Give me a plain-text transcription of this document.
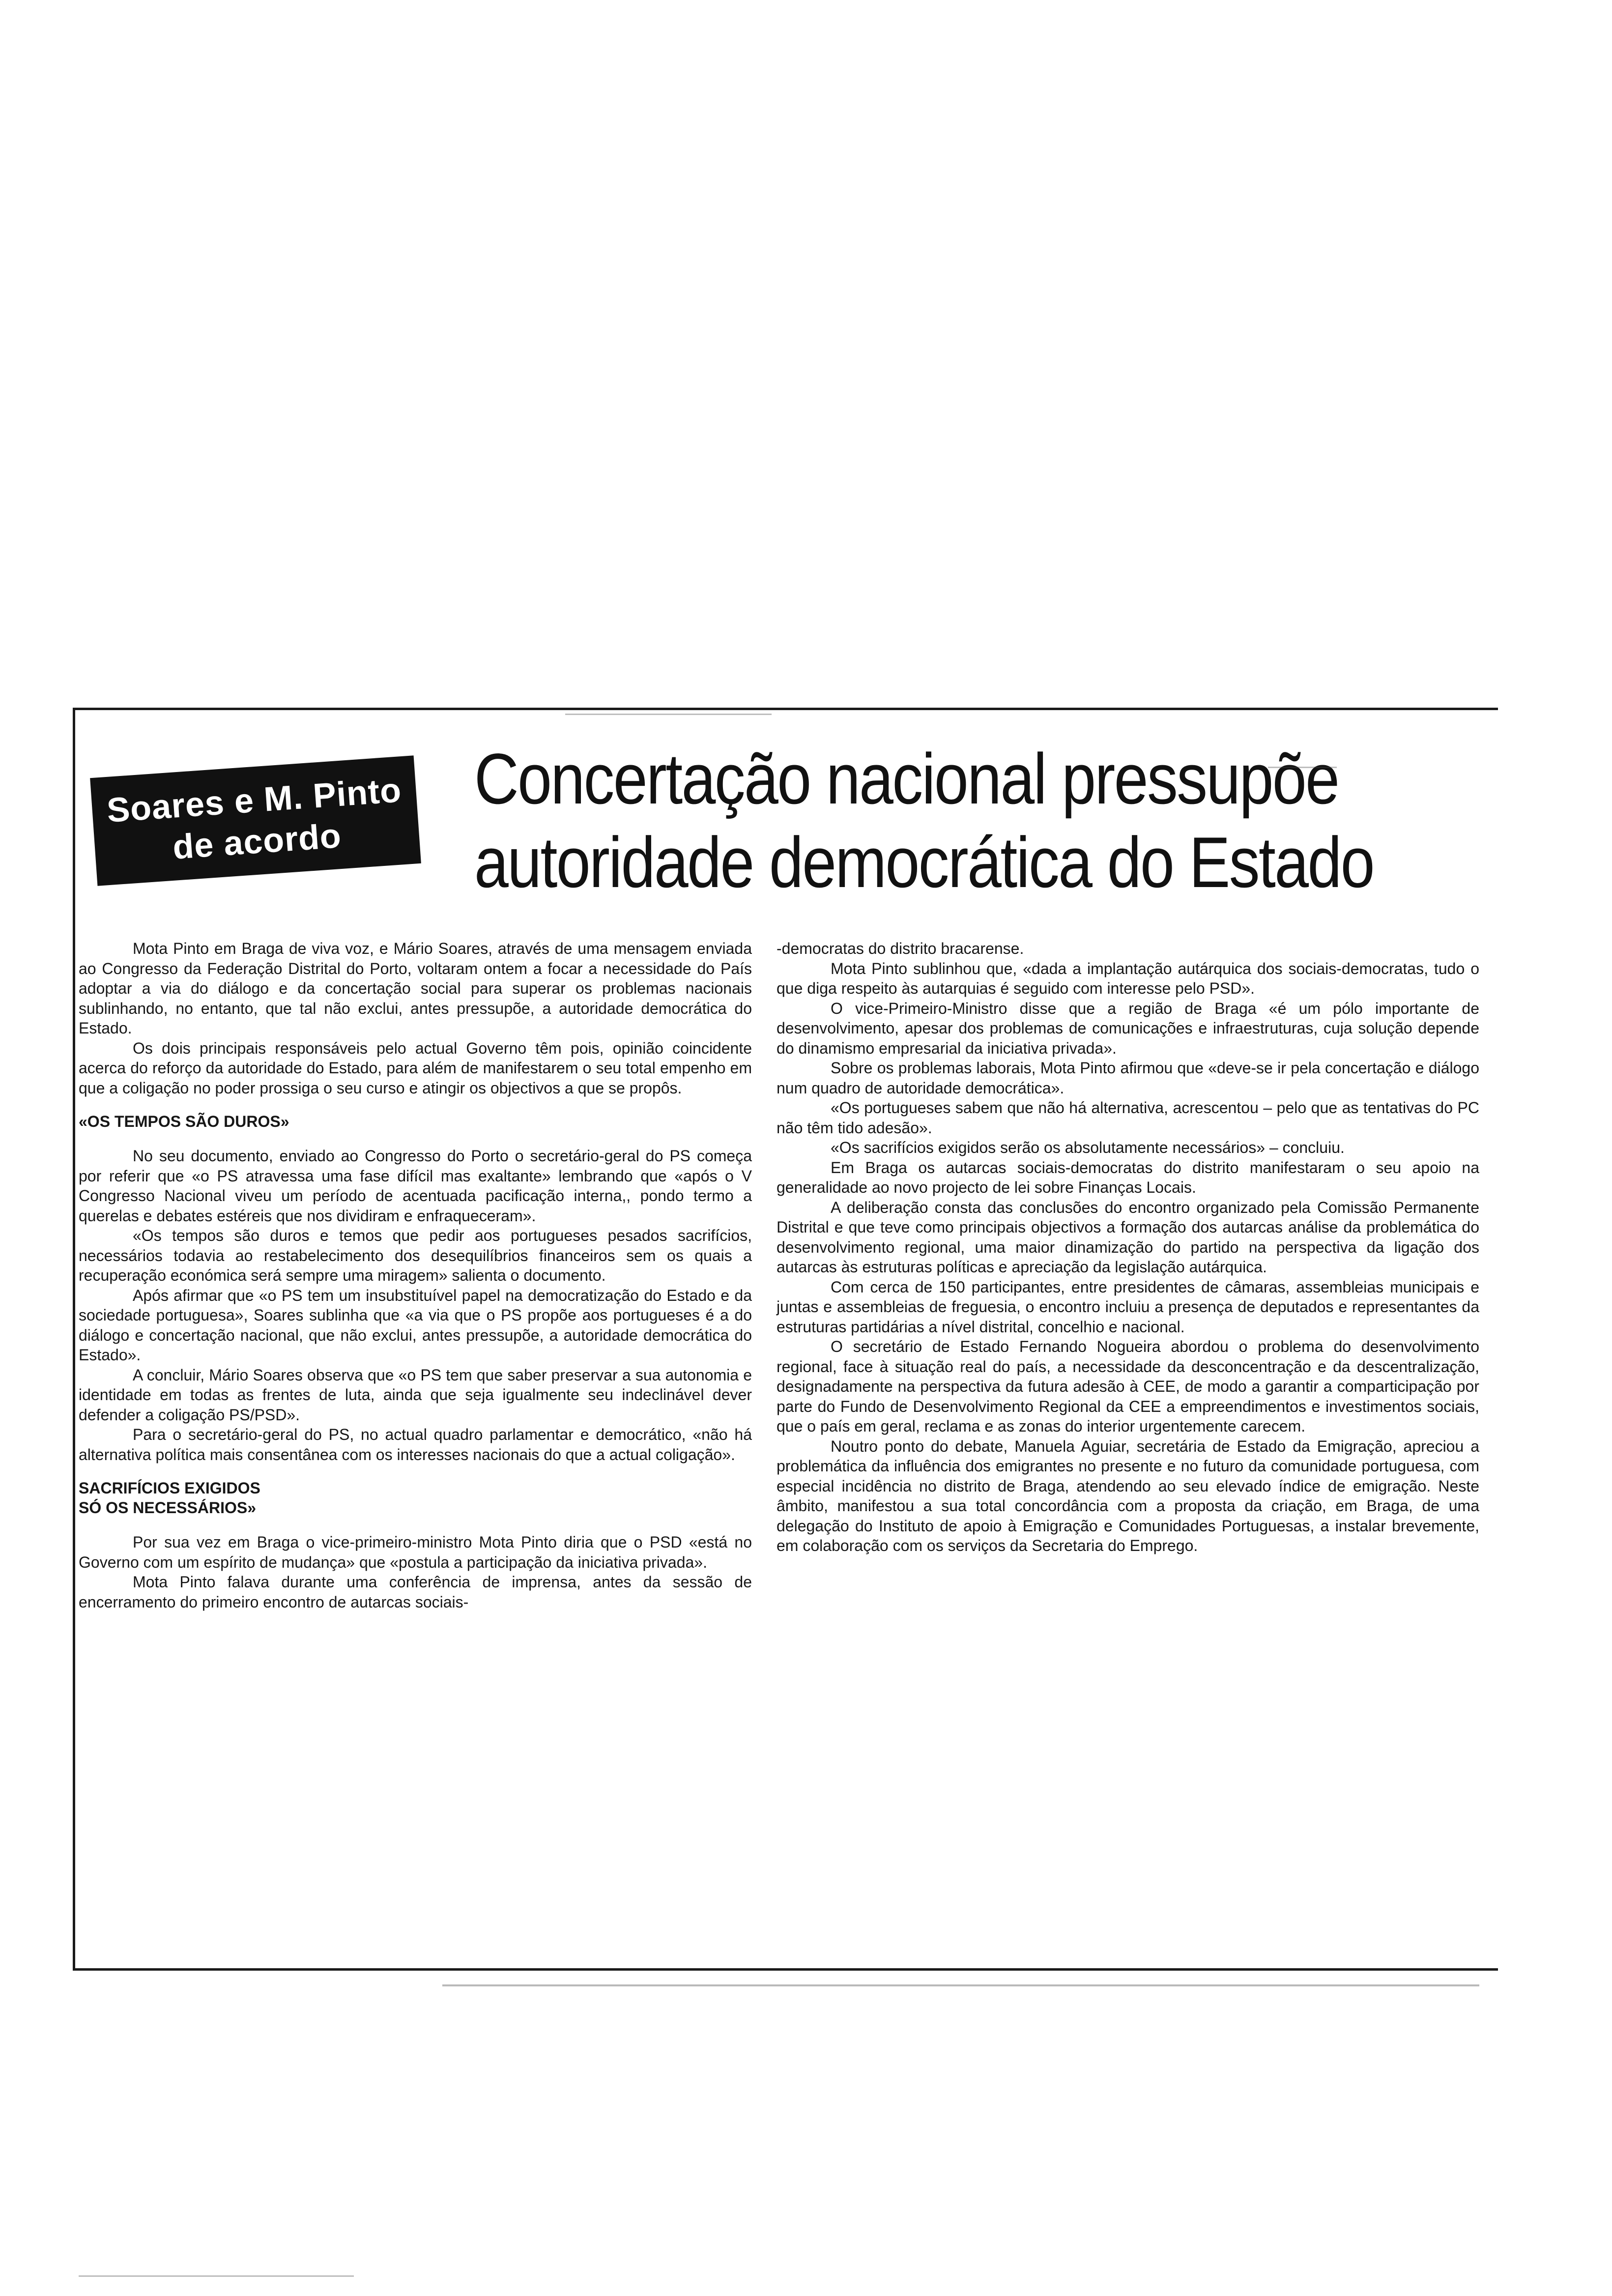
Soares e M. Pinto
de acordo
Concertação nacional pressupõe
autoridade democrática do Estado

Mota Pinto em Braga de viva voz, e Mário Soares, através de uma mensagem enviada ao Congresso da Federação Distrital do Porto, voltaram ontem a focar a necessidade do País adoptar a via do diálogo e da concertação social para superar os problemas nacionais sublinhando, no entanto, que tal não exclui, antes pressupõe, a autoridade democrática do Estado.

Os dois principais responsáveis pelo actual Governo têm pois, opinião coincidente acerca do reforço da autoridade do Estado, para além de manifestarem o seu total empenho em que a coligação no poder prossiga o seu curso e atingir os objectivos a que se propôs.

«OS TEMPOS SÃO DUROS»

No seu documento, enviado ao Congresso do Porto o secretário-geral do PS começa por referir que «o PS atravessa uma fase difícil mas exaltante» lembrando que «após o V Congresso Nacional viveu um período de acentuada pacificação interna,, pondo termo a querelas e debates estéreis que nos dividiram e enfraqueceram».

«Os tempos são duros e temos que pedir aos portugueses pesados sacrifícios, necessários todavia ao restabelecimento dos desequilíbrios financeiros sem os quais a recuperação económica será sempre uma miragem» salienta o documento.

Após afirmar que «o PS tem um insubstituível papel na democratização do Estado e da sociedade portuguesa», Soares sublinha que «a via que o PS propõe aos portugueses é a do diálogo e concertação nacional, que não exclui, antes pressupõe, a autoridade democrática do Estado».

A concluir, Mário Soares observa que «o PS tem que saber preservar a sua autonomia e identidade em todas as frentes de luta, ainda que seja igualmente seu indeclinável dever defender a coligação PS/PSD».

Para o secretário-geral do PS, no actual quadro parlamentar e democrático, «não há alternativa política mais consentânea com os interesses nacionais do que a actual coligação».

SACRIFÍCIOS EXIGIDOS
SÓ OS NECESSÁRIOS»

Por sua vez em Braga o vice-primeiro-ministro Mota Pinto diria que o PSD «está no Governo com um espírito de mudança» que «postula a participação da iniciativa privada».

Mota Pinto falava durante uma conferência de imprensa, antes da sessão de encerramento do primeiro encontro de autarcas sociais-

-democratas do distrito bracarense.

Mota Pinto sublinhou que, «dada a implantação autárquica dos sociais-democratas, tudo o que diga respeito às autarquias é seguido com interesse pelo PSD».

O vice-Primeiro-Ministro disse que a região de Braga «é um pólo importante de desenvolvimento, apesar dos problemas de comunicações e infraestruturas, cuja solução depende do dinamismo empresarial da iniciativa privada».

Sobre os problemas laborais, Mota Pinto afirmou que «deve-se ir pela concertação e diálogo num quadro de autoridade democrática».

«Os portugueses sabem que não há alternativa, acrescentou – pelo que as tentativas do PC não têm tido adesão».

«Os sacrifícios exigidos serão os absolutamente necessários» – concluiu.

Em Braga os autarcas sociais-democratas do distrito manifestaram o seu apoio na generalidade ao novo projecto de lei sobre Finanças Locais.

A deliberação consta das conclusões do encontro organizado pela Comissão Permanente Distrital e que teve como principais objectivos a formação dos autarcas análise da problemática do desenvolvimento regional, uma maior dinamização do partido na perspectiva da ligação dos autarcas às estruturas políticas e apreciação da legislação autárquica.

Com cerca de 150 participantes, entre presidentes de câmaras, assembleias municipais e juntas e assembleias de freguesia, o encontro incluiu a presença de deputados e representantes da estruturas partidárias a nível distrital, concelhio e nacional.

O secretário de Estado Fernando Nogueira abordou o problema do desenvolvimento regional, face à situação real do país, a necessidade da desconcentração e da descentralização, designadamente na perspectiva da futura adesão à CEE, de modo a garantir a comparticipação por parte do Fundo de Desenvolvimento Regional da CEE a empreendimentos e investimentos sociais, que o país em geral, reclama e as zonas do interior urgentemente carecem.

Noutro ponto do debate, Manuela Aguiar, secretária de Estado da Emigração, apreciou a problemática da influência dos emigrantes no presente e no futuro da comunidade portuguesa, com especial incidência no distrito de Braga, atendendo ao seu elevado índice de emigração. Neste âmbito, manifestou a sua total concordância com a proposta da criação, em Braga, de uma delegação do Instituto de apoio à Emigração e Comunidades Portuguesas, a instalar brevemente, em colaboração com os serviços da Secretaria do Emprego.
